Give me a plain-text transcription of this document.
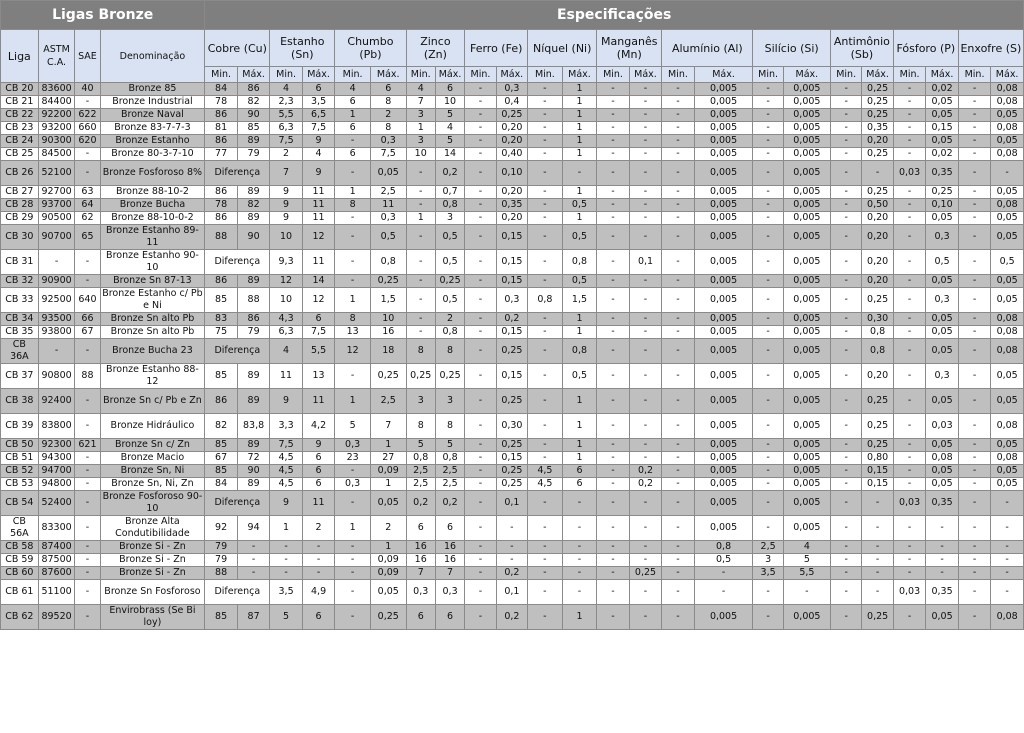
Ligas Bronze				Especificações																							
Liga	ASTM C.A.	SAE	Denominação	Cobre (Cu)		Estanho (Sn)		Chumbo (Pb)		Zinco (Zn)		Ferro (Fe)		Níquel (Ni)		Manganês (Mn)		Alumínio (Al)		Silício (Si)		Antimônio (Sb)		Fósforo (P)		Enxofre (S)	
				Min.	Máx.	Min.	Máx.	Min.	Máx.	Min.	Máx.	Min.	Máx.	Min.	Máx.	Min.	Máx.	Min.	Máx.	Min.	Máx.	Min.	Máx.	Min.	Máx.	Min.	Máx.
CB 20	83600	40	Bronze 85	84	86	4	6	4	6	4	6	-	0,3	-	1	-	-	-	0,005	-	0,005	-	0,25	-	0,02	-	0,08
CB 21	84400	-	Bronze Industrial	78	82	2,3	3,5	6	8	7	10	-	0,4	-	1	-	-	-	0,005	-	0,005	-	0,25	-	0,05	-	0,08
CB 22	92200	622	Bronze Naval	86	90	5,5	6,5	1	2	3	5	-	0,25	-	1	-	-	-	0,005	-	0,005	-	0,25	-	0,05	-	0,05
CB 23	93200	660	Bronze 83-7-7-3	81	85	6,3	7,5	6	8	1	4	-	0,20	-	1	-	-	-	0,005	-	0,005	-	0,35	-	0,15	-	0,08
CB 24	90300	620	Bronze Estanho	86	89	7,5	9	-	0,3	3	5	-	0,20	-	1	-	-	-	0,005	-	0,005	-	0,20	-	0,05	-	0,05
CB 25	84500	-	Bronze 80-3-7-10	77	79	2	4	6	7,5	10	14	-	0,40	-	1	-	-	-	0,005	-	0,005	-	0,25	-	0,02	-	0,08
CB 26	52100	-	Bronze Fosforoso 8%	Diferença		7	9	-	0,05	-	0,2	-	0,10	-	-	-	-	-	0,005	-	0,005	-	-	0,03	0,35	-	-
CB 27	92700	63	Bronze 88-10-2	86	89	9	11	1	2,5	-	0,7	-	0,20	-	1	-	-	-	0,005	-	0,005	-	0,25	-	0,25	-	0,05
CB 28	93700	64	Bronze Bucha	78	82	9	11	8	11	-	0,8	-	0,35	-	0,5	-	-	-	0,005	-	0,005	-	0,50	-	0,10	-	0,08
CB 29	90500	62	Bronze 88-10-0-2	86	89	9	11	-	0,3	1	3	-	0,20	-	1	-	-	-	0,005	-	0,005	-	0,20	-	0,05	-	0,05
CB 30	90700	65	Bronze Estanho 89-11	88	90	10	12	-	0,5	-	0,5	-	0,15	-	0,5	-	-	-	0,005	-	0,005	-	0,20	-	0,3	-	0,05
CB 31	-	-	Bronze Estanho 90-10	Diferença		9,3	11	-	0,8	-	0,5	-	0,15	-	0,8	-	0,1	-	0,005	-	0,005	-	0,20	-	0,5	-	0,5
CB 32	90900	-	Bronze Sn 87-13	86	89	12	14	-	0,25	-	0,25	-	0,15	-	0,5	-	-	-	0,005	-	0,005	-	0,20	-	0,05	-	0,05
CB 33	92500	640	Bronze Estanho c/ Pb e Ni	85	88	10	12	1	1,5	-	0,5	-	0,3	0,8	1,5	-	-	-	0,005	-	0,005	-	0,25	-	0,3	-	0,05
CB 34	93500	66	Bronze Sn alto Pb	83	86	4,3	6	8	10	-	2	-	0,2	-	1	-	-	-	0,005	-	0,005	-	0,30	-	0,05	-	0,08
CB 35	93800	67	Bronze Sn alto Pb	75	79	6,3	7,5	13	16	-	0,8	-	0,15	-	1	-	-	-	0,005	-	0,005	-	0,8	-	0,05	-	0,08
CB 36A	-	-	Bronze Bucha 23	Diferença		4	5,5	12	18	8	8	-	0,25	-	0,8	-	-	-	0,005	-	0,005	-	0,8	-	0,05	-	0,08
CB 37	90800	88	Bronze Estanho 88-12	85	89	11	13	-	0,25	0,25	0,25	-	0,15	-	0,5	-	-	-	0,005	-	0,005	-	0,20	-	0,3	-	0,05
CB 38	92400	-	Bronze Sn c/ Pb e Zn	86	89	9	11	1	2,5	3	3	-	0,25	-	1	-	-	-	0,005	-	0,005	-	0,25	-	0,05	-	0,05
CB 39	83800	-	Bronze Hidráulico	82	83,8	3,3	4,2	5	7	8	8	-	0,30	-	1	-	-	-	0,005	-	0,005	-	0,25	-	0,03	-	0,08
CB 50	92300	621	Bronze Sn c/ Zn	85	89	7,5	9	0,3	1	5	5	-	0,25	-	1	-	-	-	0,005	-	0,005	-	0,25	-	0,05	-	0,05
CB 51	94300	-	Bronze Macio	67	72	4,5	6	23	27	0,8	0,8	-	0,15	-	1	-	-	-	0,005	-	0,005	-	0,80	-	0,08	-	0,08
CB 52	94700	-	Bronze Sn, Ni	85	90	4,5	6	-	0,09	2,5	2,5	-	0,25	4,5	6	-	0,2	-	0,005	-	0,005	-	0,15	-	0,05	-	0,05
CB 53	94800	-	Bronze Sn, Ni, Zn	84	89	4,5	6	0,3	1	2,5	2,5	-	0,25	4,5	6	-	0,2	-	0,005	-	0,005	-	0,15	-	0,05	-	0,05
CB 54	52400	-	Bronze Fosforoso 90-10	Diferença		9	11	-	0,05	0,2	0,2	-	0,1	-	-	-	-	-	0,005	-	0,005	-	-	0,03	0,35	-	-
CB 56A	83300	-	Bronze Alta Condutibilidade	92	94	1	2	1	2	6	6	-	-	-	-	-	-	-	0,005	-	0,005	-	-	-	-	-	-
CB 58	87400	-	Bronze Si - Zn	79	-	-	-	-	1	16	16	-	-	-	-	-	-	-	0,8	2,5	4	-	-	-	-	-	-
CB 59	87500	-	Bronze Si - Zn	79	-	-	-	-	0,09	16	16	-	-	-	-	-	-	-	0,5	3	5	-	-	-	-	-	-
CB 60	87600	-	Bronze Si - Zn	88	-	-	-	-	0,09	7	7	-	0,2	-	-	-	0,25	-	-	3,5	5,5	-	-	-	-	-	-
CB 61	51100	-	Bronze Sn Fosforoso	Diferença		3,5	4,9	-	0,05	0,3	0,3	-	0,1	-	-	-	-	-	-	-	-	-	-	0,03	0,35	-	-
CB 62	89520	-	Envirobrass (Se Bi loy)	85	87	5	6	-	0,25	6	6	-	0,2	-	1	-	-	-	0,005	-	0,005	-	0,25	-	0,05	-	0,08
